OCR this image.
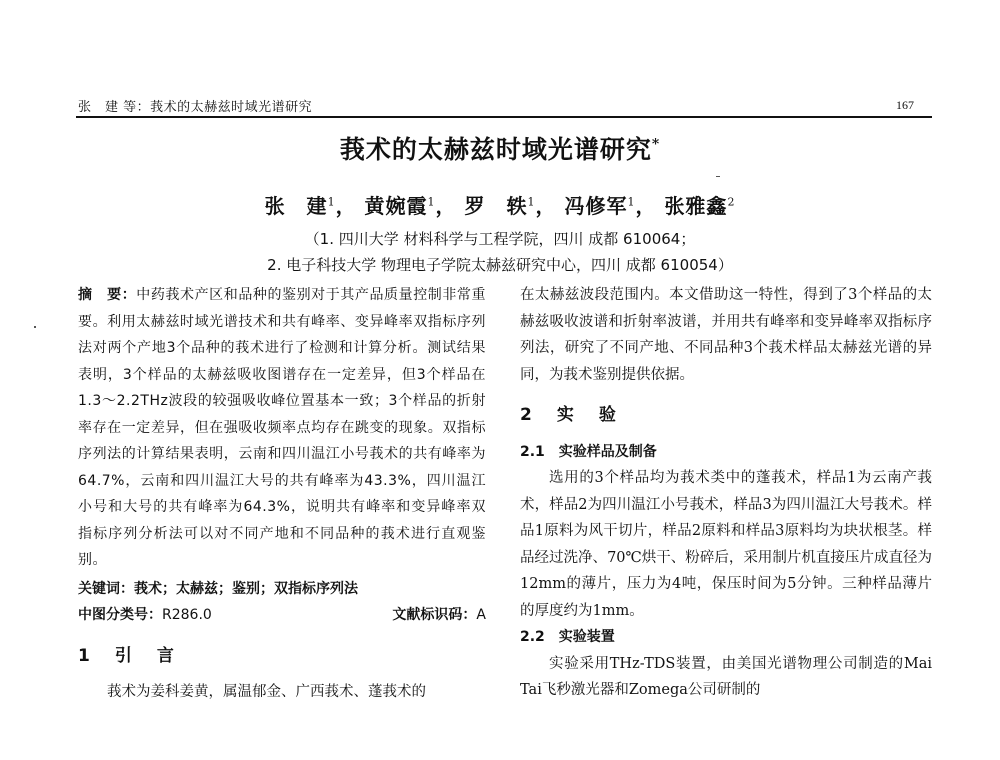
张　建 等：莪术的太赫兹时域光谱研究	167
莪术的太赫兹时域光谱研究*
张　建$^1$， 黄婉霞$^1$， 罗　轶$^1$， 冯修军$^1$， 张雅鑫$^2$
（1. 四川大学 材料科学与工程学院，四川 成都 610064；
2. 电子科技大学 物理电子学院太赫兹研究中心，四川 成都 610054）
摘　要：中药莪术产区和品种的鉴别对于其产品质量控制非常重要。利用太赫兹时域光谱技术和共有峰率、变异峰率双指标序列法对两个产地3个品种的莪术进行了检测和计算分析。测试结果表明，3个样品的太赫兹吸收图谱存在一定差异，但3个样品在1.3～2.2THz波段的较强吸收峰位置基本一致；3个样品的折射率存在一定差异，但在强吸收频率点均存在跳变的现象。双指标序列法的计算结果表明，云南和四川温江小号莪术的共有峰率为64.7%，云南和四川温江大号的共有峰率为43.3%，四川温江小号和大号的共有峰率为64.3%，说明共有峰率和变异峰率双指标序列分析法可以对不同产地和不同品种的莪术进行直观鉴别。
关键词：莪术；太赫兹；鉴别；双指标序列法
中图分类号：R286.0	文献标识码：A
1　引　言
莪术为姜科姜黄，属温郁金、广西莪术、蓬莪术的
在太赫兹波段范围内。本文借助这一特性，得到了3个样品的太赫兹吸收波谱和折射率波谱，并用共有峰率和变异峰率双指标序列法，研究了不同产地、不同品种3个莪术样品太赫兹光谱的异同，为莪术鉴别提供依据。
2　实　验
2.1　实验样品及制备
选用的3个样品均为莪术类中的蓬莪术，样品1为云南产莪术，样品2为四川温江小号莪术，样品3为四川温江大号莪术。样品1原料为风干切片，样品2原料和样品3原料均为块状根茎。样品经过洗净、70℃烘干、粉碎后，采用制片机直接压片成直径为12mm的薄片，压力为4吨，保压时间为5分钟。三种样品薄片的厚度约为1mm。
2.2　实验装置
实验采用THz-TDS装置，由美国光谱物理公司制造的Mai Tai飞秒激光器和Zomega公司研制的
